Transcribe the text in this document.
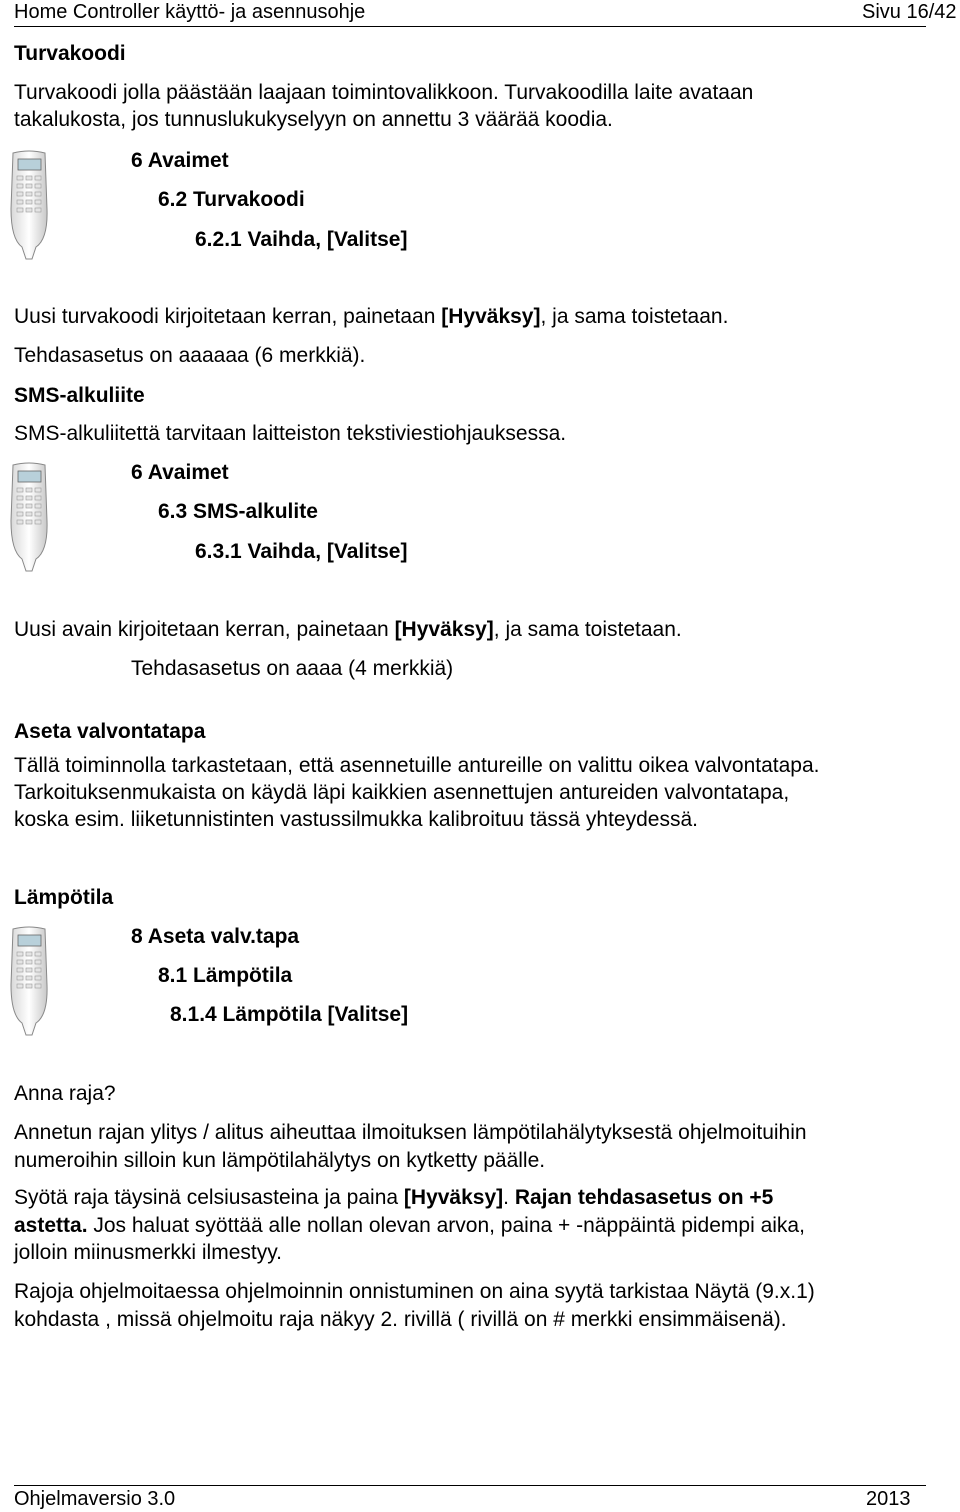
Home Controller käyttö- ja asennusohje	Sivu 16/42
Turvakoodi
Turvakoodi jolla päästään laajaan toimintovalikkoon. Turvakoodilla laite avataan
takalukosta, jos tunnuslukukyselyyn on annettu 3 väärää koodia.
6 Avaimet
6.2 Turvakoodi
6.2.1 Vaihda, [Valitse]
Uusi turvakoodi kirjoitetaan kerran, painetaan [Hyväksy], ja sama toistetaan.
Tehdasasetus on aaaaaa (6 merkkiä).
SMS-alkuliite
SMS-alkuliitettä tarvitaan laitteiston tekstiviestiohjauksessa.
6 Avaimet
6.3 SMS-alkulite
6.3.1 Vaihda, [Valitse]
Uusi avain kirjoitetaan kerran, painetaan [Hyväksy], ja sama toistetaan.
Tehdasasetus on aaaa (4 merkkiä)
Aseta valvontatapa
Tällä toiminnolla tarkastetaan, että asennetuille antureille on valittu oikea valvontatapa.
Tarkoituksenmukaista on käydä läpi kaikkien asennettujen antureiden valvontatapa,
koska esim. liiketunnistinten vastussilmukka kalibroituu tässä yhteydessä.
Lämpötila
8 Aseta valv.tapa
8.1 Lämpötila
8.1.4 Lämpötila [Valitse]
Anna raja?
Annetun rajan ylitys / alitus aiheuttaa ilmoituksen lämpötilahälytyksestä ohjelmoituihin
numeroihin silloin kun lämpötilahälytys on kytketty päälle.
Syötä raja täysinä celsiusasteina ja paina [Hyväksy]. Rajan tehdasasetus on +5
astetta. Jos haluat syöttää alle nollan olevan arvon, paina + -näppäintä pidempi aika,
jolloin miinusmerkki ilmestyy.
Rajoja ohjelmoitaessa ohjelmoinnin onnistuminen on aina syytä tarkistaa Näytä (9.x.1)
kohdasta , missä ohjelmoitu raja näkyy 2. rivillä ( rivillä on # merkki ensimmäisenä).
Ohjelmaversio 3.0	2013
